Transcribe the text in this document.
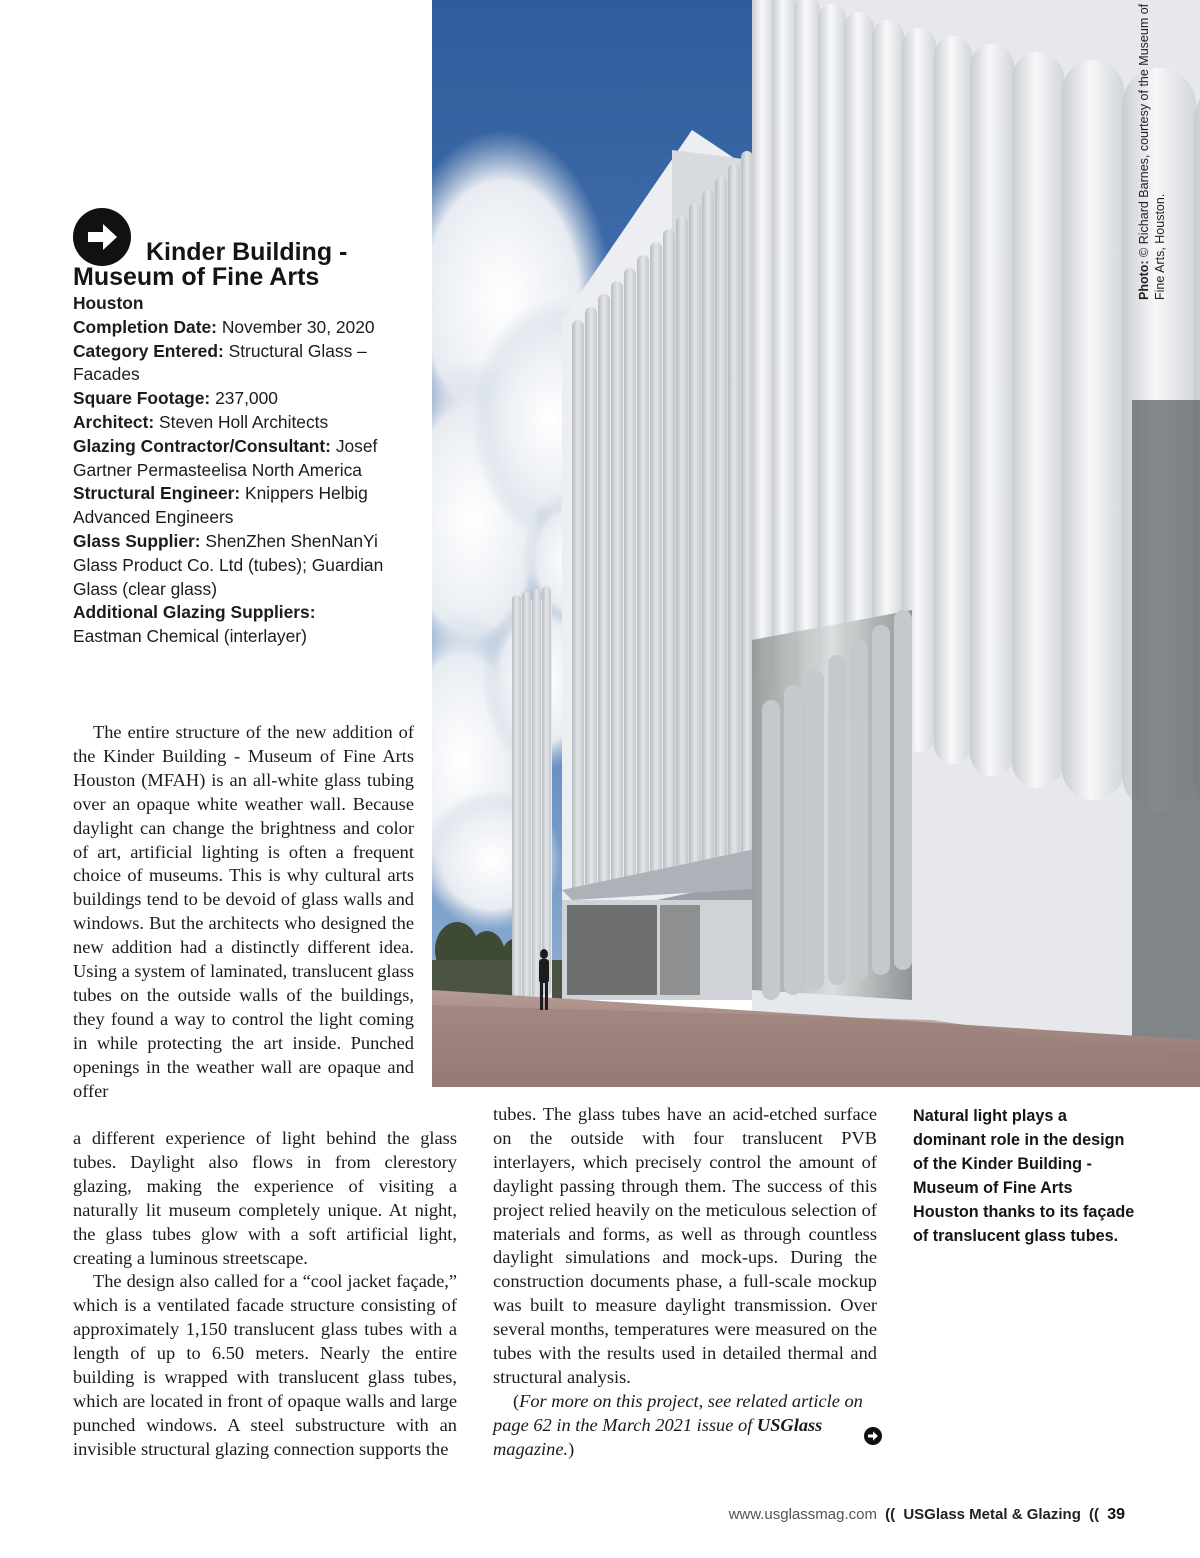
Photo: © Richard Barnes, courtesy of the Museum of Fine Arts, Houston.
Kinder Building -
Museum of Fine Arts
Houston
Completion Date: November 30, 2020
Category Entered: Structural Glass – Facades
Square Footage: 237,000
Architect: Steven Holl Architects
Glazing Contractor/Consultant: Josef Gartner Permasteelisa North America
Structural Engineer: Knippers Helbig Advanced Engineers
Glass Supplier: ShenZhen ShenNanYi Glass Product Co. Ltd (tubes); Guardian Glass (clear glass)
Additional Glazing Suppliers:
Eastman Chemical (interlayer)

The entire structure of the new addition of the Kinder Building - Museum of Fine Arts Houston (MFAH) is an all-white glass tubing over an opaque white weather wall. Because daylight can change the brightness and color of art, artificial lighting is often a frequent choice of museums. This is why cultural arts buildings tend to be devoid of glass walls and windows. But the architects who designed the new addition had a distinctly different idea. Using a system of laminated, translucent glass tubes on the outside walls of the buildings, they found a way to control the light coming in while protecting the art inside. Punched openings in the weather wall are opaque and offer

a different experience of light behind the glass tubes. Daylight also flows in from clerestory glazing, making the experience of visiting a naturally lit museum completely unique. At night, the glass tubes glow with a soft artificial light, creating a luminous streetscape.

The design also called for a “cool jacket façade,” which is a ventilated facade structure consisting of approximately 1,150 translucent glass tubes with a length of up to 6.50 meters. Nearly the entire building is wrapped with translucent glass tubes, which are located in front of opaque walls and large punched windows. A steel substructure with an invisible structural glazing connection supports the

tubes. The glass tubes have an acid-etched surface on the outside with four translucent PVB interlayers, which precisely control the amount of daylight passing through them. The success of this project relied heavily on the meticulous selection of materials and forms, as well as through countless daylight simulations and mock-ups. During the construction documents phase, a full-scale mockup was built to measure daylight transmission. Over several months, temperatures were measured on the tubes with the results used in detailed thermal and structural analysis.

(For more on this project, see related article on page 62 in the March 2021 issue of USGlass magazine.)

Natural light plays a dominant role in the design of the Kinder Building - Museum of Fine Arts Houston thanks to its façade of translucent glass tubes.
www.usglassmag.com (( USGlass Metal & Glazing (( 39
